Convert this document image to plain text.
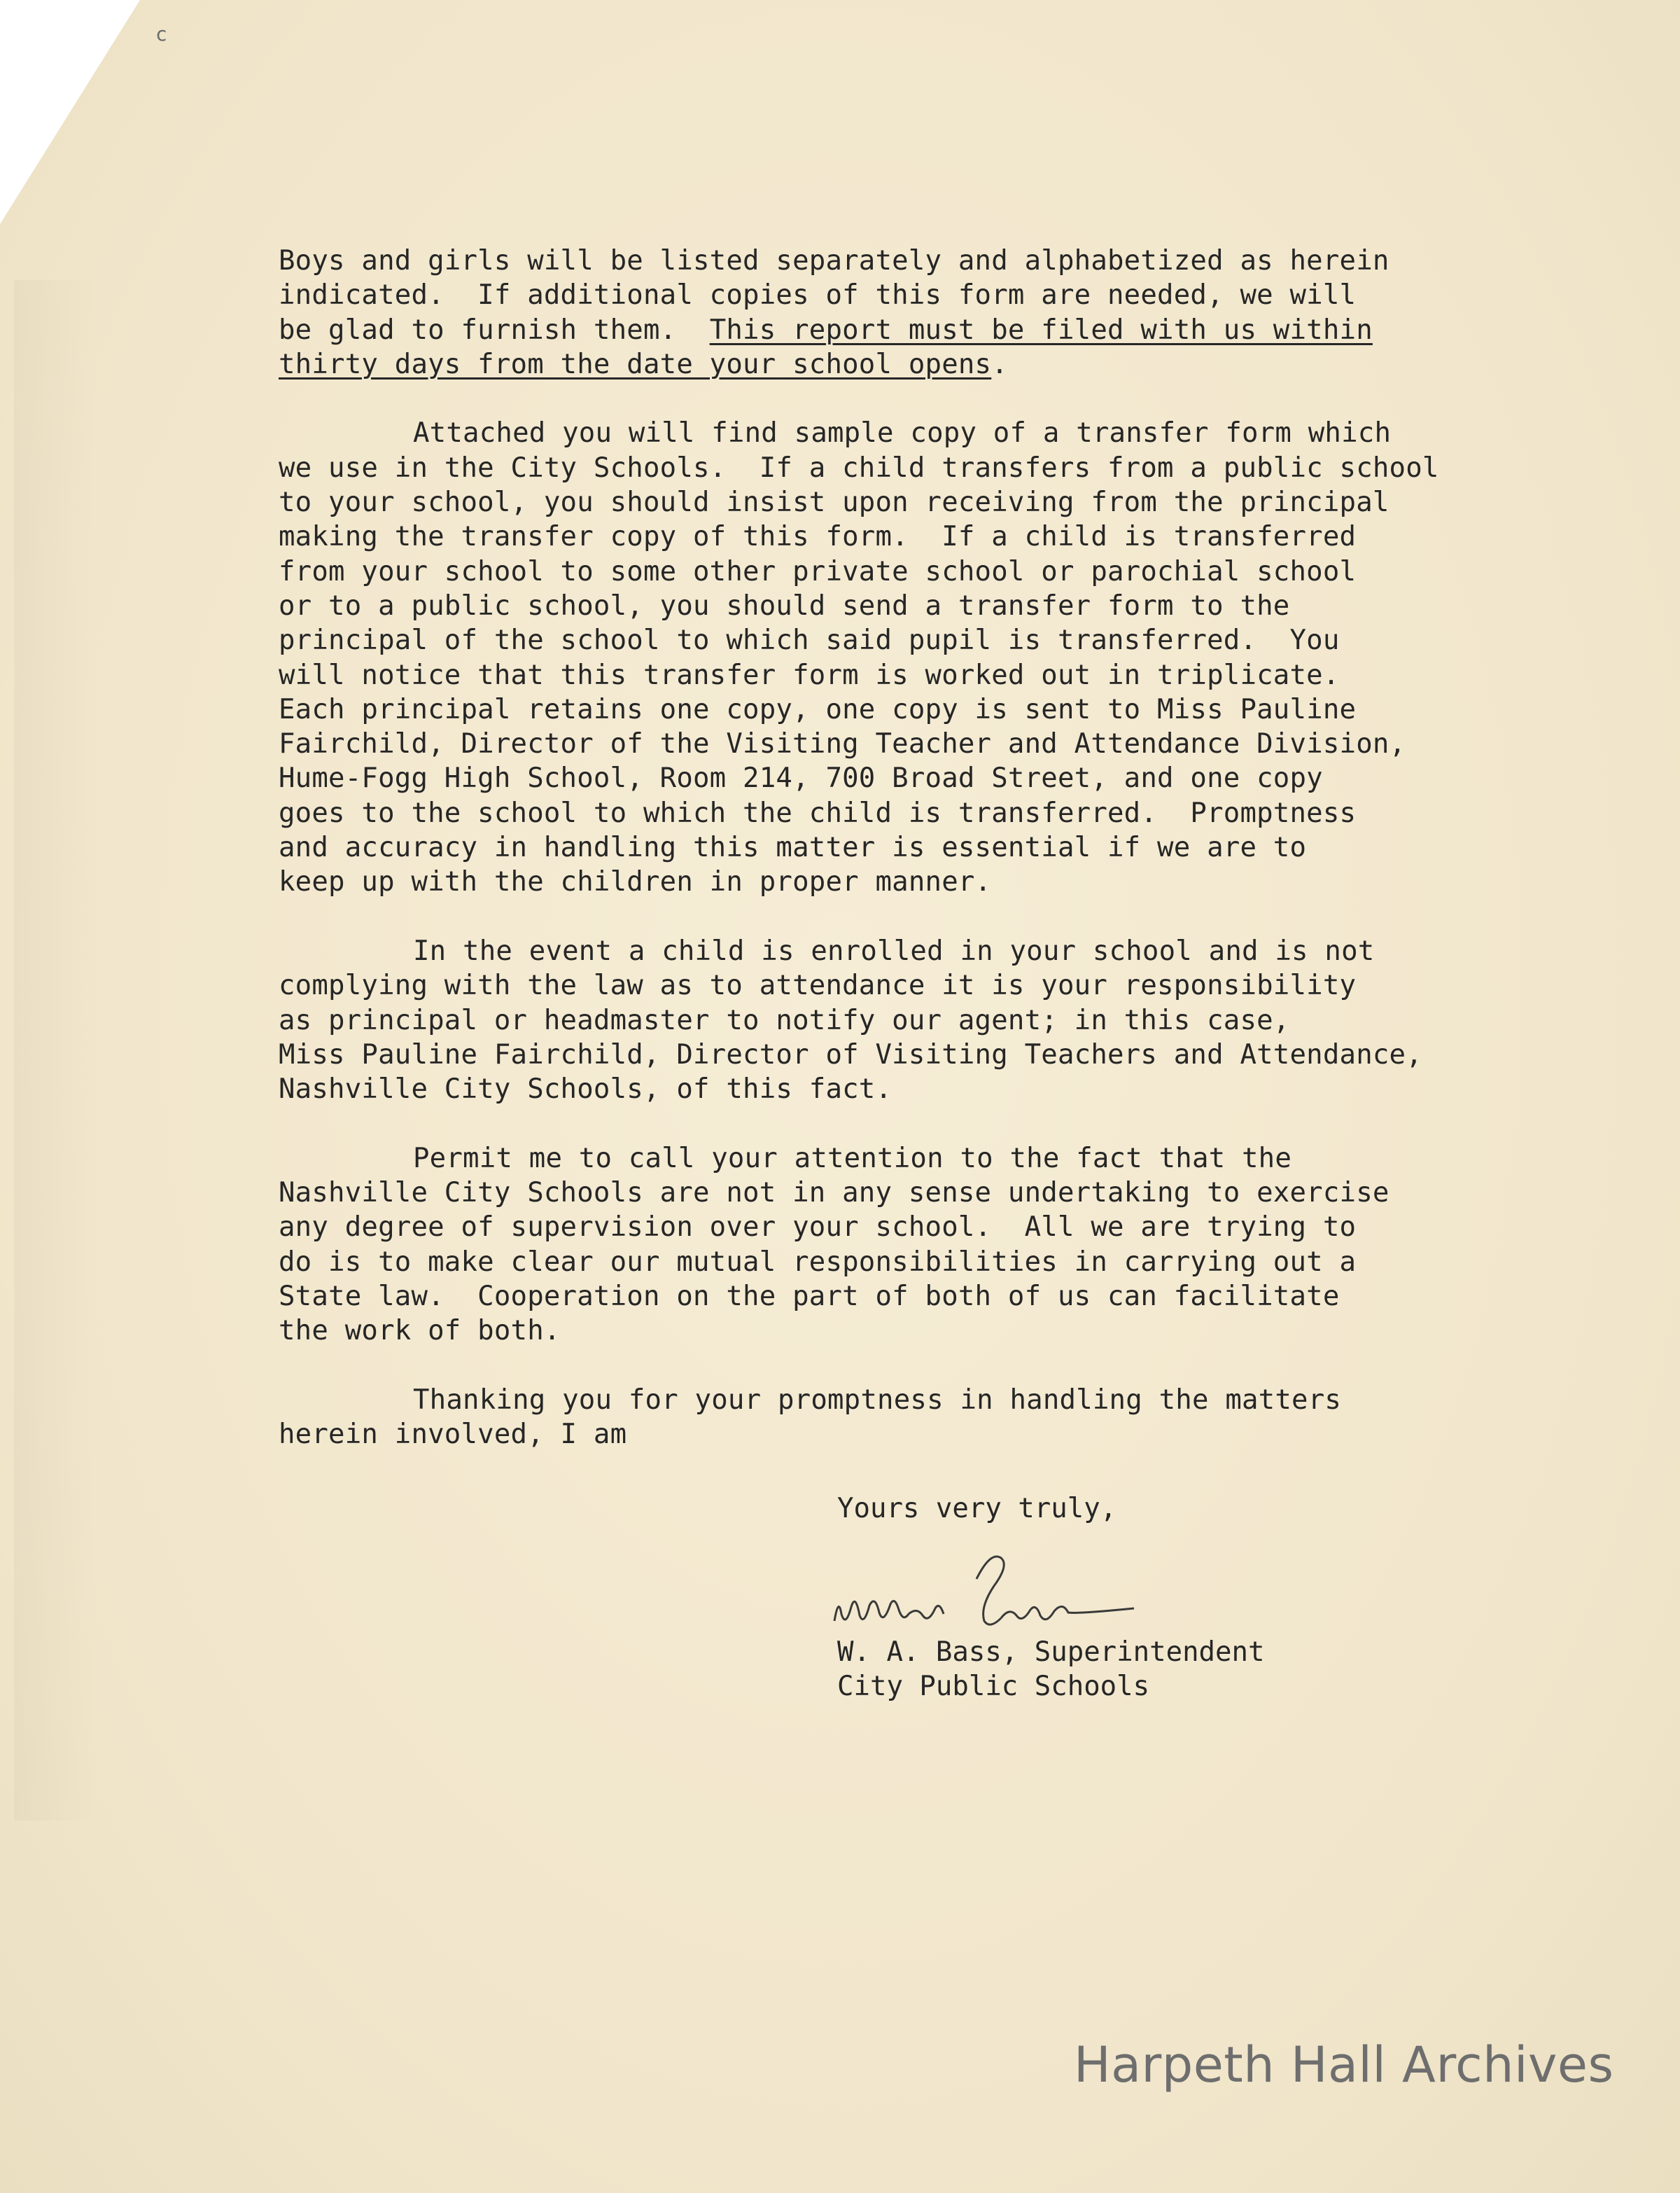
c
Boys and girls will be listed separately and alphabetized as herein
indicated.  If additional copies of this form are needed, we will
be glad to furnish them.  This report must be filed with us within
thirty days from the date your school opens.
Attached you will find sample copy of a transfer form which
we use in the City Schools.  If a child transfers from a public school
to your school, you should insist upon receiving from the principal
making the transfer copy of this form.  If a child is transferred
from your school to some other private school or parochial school
or to a public school, you should send a transfer form to the
principal of the school to which said pupil is transferred.  You
will notice that this transfer form is worked out in triplicate.
Each principal retains one copy, one copy is sent to Miss Pauline
Fairchild, Director of the Visiting Teacher and Attendance Division,
Hume-Fogg High School, Room 214, 700 Broad Street, and one copy
goes to the school to which the child is transferred.  Promptness
and accuracy in handling this matter is essential if we are to
keep up with the children in proper manner.
In the event a child is enrolled in your school and is not
complying with the law as to attendance it is your responsibility
as principal or headmaster to notify our agent; in this case,
Miss Pauline Fairchild, Director of Visiting Teachers and Attendance,
Nashville City Schools, of this fact.
Permit me to call your attention to the fact that the
Nashville City Schools are not in any sense undertaking to exercise
any degree of supervision over your school.  All we are trying to
do is to make clear our mutual responsibilities in carrying out a
State law.  Cooperation on the part of both of us can facilitate
the work of both.
Thanking you for your promptness in handling the matters
herein involved, I am
Yours very truly,
W. A. Bass, Superintendent
City Public Schools
Harpeth Hall Archives
